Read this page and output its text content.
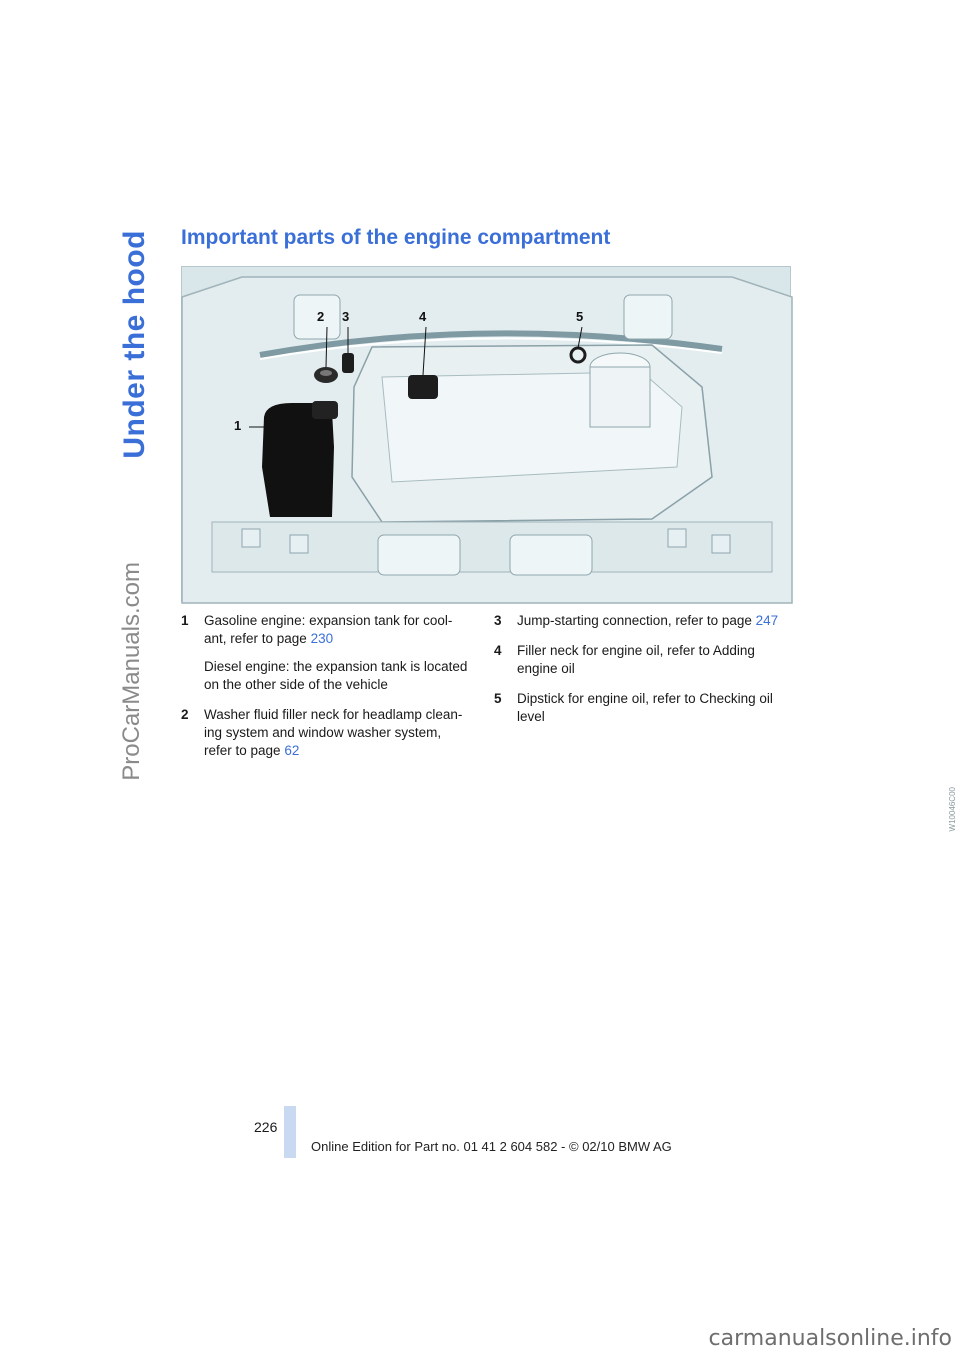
Under the hood
ProCarManuals.com
Important parts of the engine compartment
2 3	4	5
1
W10046C00
1 Gasoline engine: expansion tank for cool-ant, refer to page 230

Diesel engine: the expansion tank is located on the other side of the vehicle

2 Washer fluid filler neck for headlamp clean-ing system and window washer system, refer to page 62

3 Jump-starting connection, refer to page 247

4 Filler neck for engine oil, refer to Adding engine oil

5 Dipstick for engine oil, refer to Checking oil level

226
Online Edition for Part no. 01 41 2 604 582 - © 02/10 BMW AG
carmanualsonline.info
